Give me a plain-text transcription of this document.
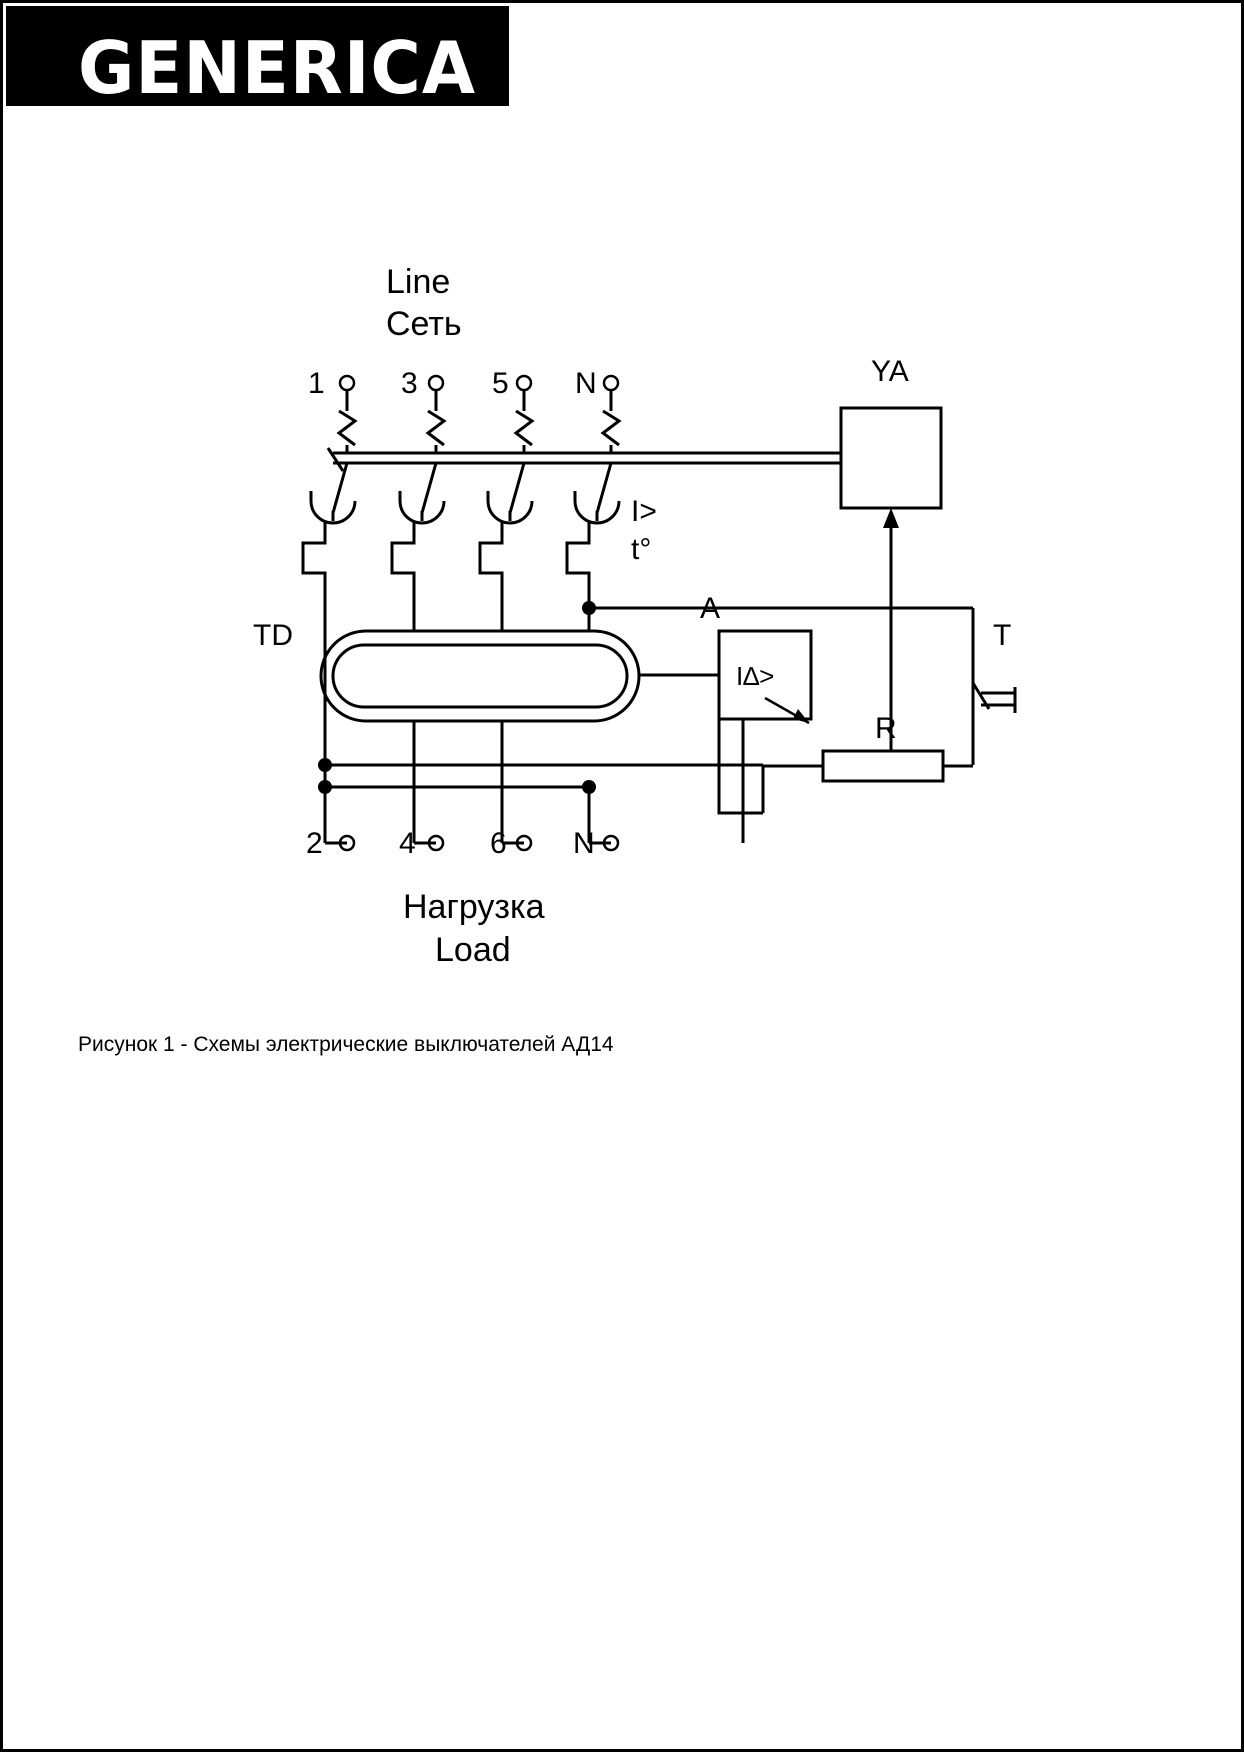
GENERICA
Line
Сеть
1	3 5 N
I>
t°
TD
I∆>
A
YA
T
R
2	4 6 N
Нагрузка
Load
Рисунок 1 - Схемы электрические выключателей АД14
